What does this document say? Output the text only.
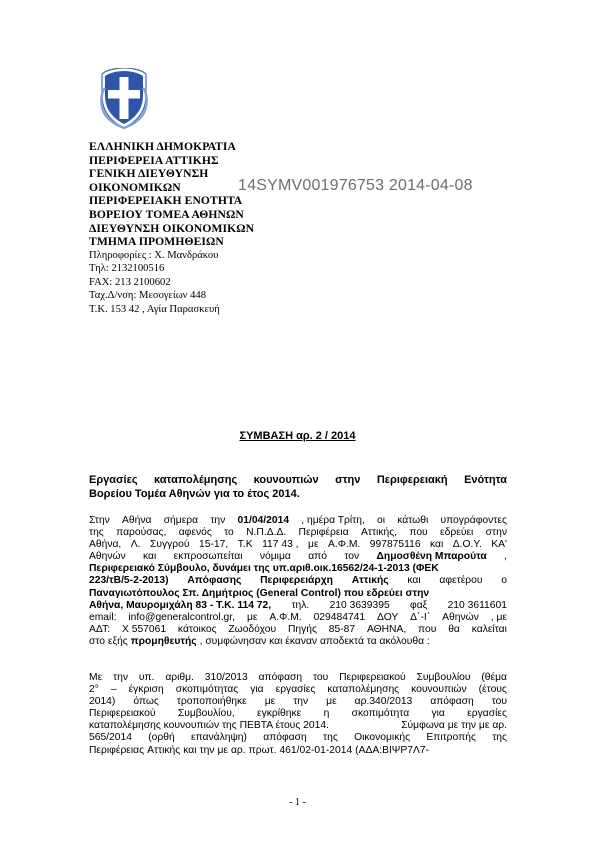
ΕΛΛΗΝΙΚΗ ΔΗΜΟΚΡΑΤΙΑ
ΠΕΡΙΦΕΡΕΙΑ ΑΤΤΙΚΗΣ
ΓΕΝΙΚΗ ΔΙΕΥΘΥΝΣΗ
ΟΙΚΟΝΟΜΙΚΩΝ
ΠΕΡΙΦΕΡΕΙΑΚΗ ΕΝΟΤΗΤΑ
ΒΟΡΕΙΟΥ ΤΟΜΕΑ ΑΘΗΝΩΝ
ΔΙΕΥΘΥΝΣΗ ΟΙΚΟΝΟΜΙΚΩΝ
ΤΜΗΜΑ ΠΡΟΜΗΘΕΙΩΝ
Πληροφορίες : Χ. Μανδράκου
Τηλ: 2132100516
FAX: 213 2100602
Ταχ.Δ/νση: Μεσογείων 448
Τ.Κ. 153 42 , Αγία Παρασκευή
14SYMV001976753 2014-04-08
ΣΥΜΒΑΣΗ αρ. 2 / 2014
Εργασίες καταπολέμησης κουνουπιών στην Περιφερειακή Ενότητα
Βορείου Τομέα Αθηνών για το έτος 2014.
Στην Αθήνα σήμερα την 01/04/2014 , ημέρα Τρίτη, οι κάτωθι υπογράφοντες
της παρούσας, αφενός το Ν.Π.Δ.Δ. Περιφέρεια Αττικής, που εδρεύει στην
Αθήνα, Λ. Συγγρού 15-17, Τ.Κ 117 43 , με Α.Φ.Μ. 997875116 και Δ.Ο.Υ. ΚΑ'
Αθηνών και εκπροσωπείται νόμιμα από τον Δημοσθένη Μπαρούτα ,
Περιφερειακό Σύμβουλο, δυνάμει της υπ.αριθ.οικ.16562/24-1-2013 (ΦΕΚ
223/τΒ/5-2-2013) Απόφασης Περιφερειάρχη Αττικής και αφετέρου ο
Παναγιωτόπουλος Σπ. Δημήτριος (General Control) που εδρεύει στην
Αθήνα, Μαυρομιχάλη 83 - Τ.Κ. 114 72, τηλ. 210 3639395 φαξ 210 3611601
email: info@generalcontrol.gr, με Α.Φ.Μ. 029484741 ΔΟΥ Δ΄-Ι΄ Αθηνών , με
ΑΔΤ: Χ 557061 κάτοικος Ζωοδόχου Πηγής 85-87 ΑΘΗΝΑ, που θα καλείται
στο εξής προμηθευτής , συμφώνησαν και έκαναν αποδεκτά τα ακόλουθα :
Με την υπ. αριθμ. 310/2013 απόφαση του Περιφερειακού Συμβουλίου (θέμα
2° – έγκριση σκοπιμότητας για εργασίες καταπολέμησης κουνουπιών (έτους
2014) όπως τροποποιήθηκε με την με αρ.340/2013 απόφαση του
Περιφερειακού Συμβουλίου, εγκρίθηκε η σκοπιμότητα για εργασίες
καταπολέμησης κουνουπιών της ΠΕΒΤΑ έτους 2014.	Σύμφωνα με την με αρ.
565/2014 (ορθή επανάληψη) απόφαση της Οικονομικής Επιτροπής της
Περιφέρειας Αττικής και την με αρ. πρωτ. 461/02-01-2014 (ΑΔΑ:ΒΙΨΡ7Λ7-
- 1 -
